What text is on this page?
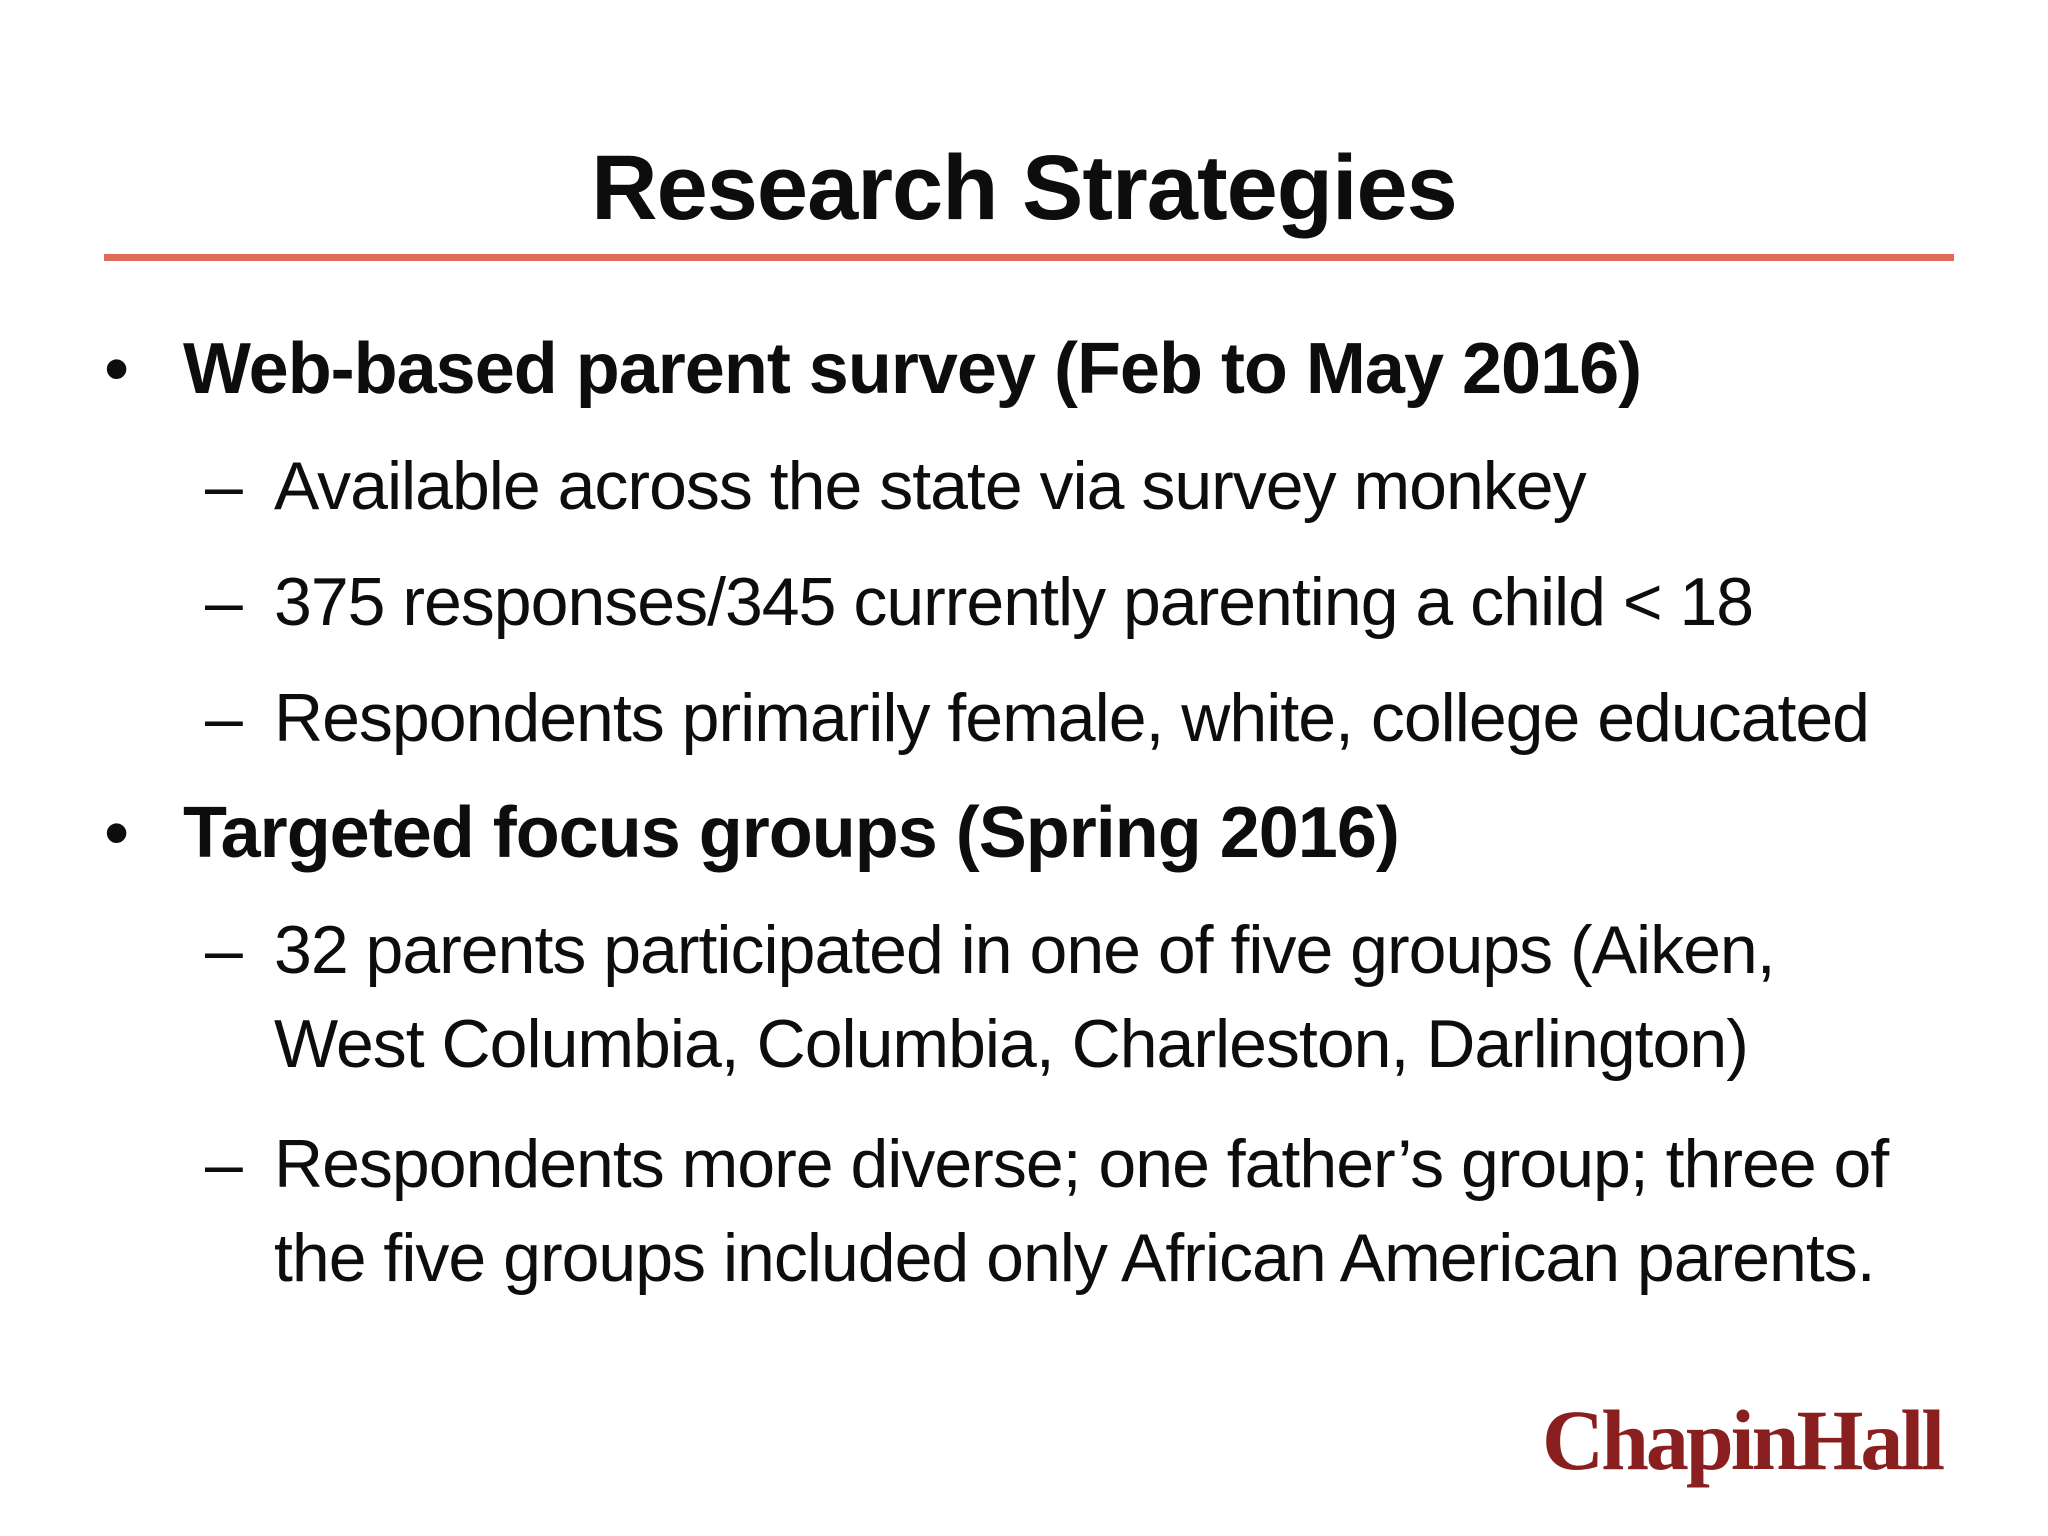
Research Strategies
• Web-based parent survey (Feb to May 2016)
– Available across the state via survey monkey
– 375 responses/345 currently parenting a child < 18
– Respondents primarily female, white, college educated
• Targeted focus groups (Spring 2016)
– 32 parents participated in one of five groups (Aiken,
West Columbia, Columbia, Charleston, Darlington)
– Respondents more diverse; one father’s group; three of
the five groups included only African American parents.
ChapinHall
